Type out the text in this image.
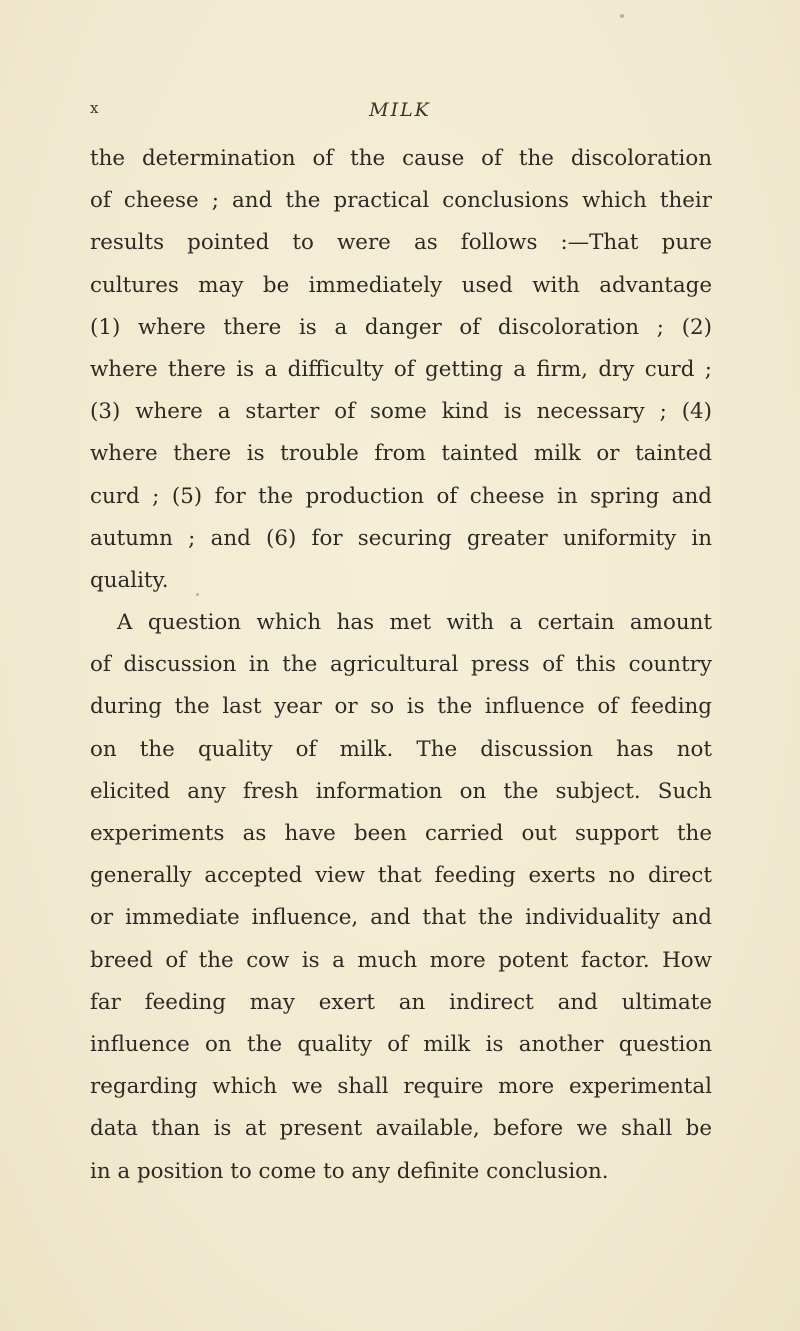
x	MILK
the determination of the cause of the discoloration
of cheese ; and the practical conclusions which their
results pointed to were as follows :—That pure
cultures may be immediately used with advantage
(1) where there is a danger of discoloration ; (2)
where there is a difficulty of getting a firm, dry curd ;
(3) where a starter of some kind is necessary ; (4)
where there is trouble from tainted milk or tainted
curd ; (5) for the production of cheese in spring and
autumn ; and (6) for securing greater uniformity in
quality.
A question which has met with a certain amount
of discussion in the agricultural press of this country
during the last year or so is the influence of feeding
on the quality of milk. The discussion has not
elicited any fresh information on the subject. Such
experiments as have been carried out support the
generally accepted view that feeding exerts no direct
or immediate influence, and that the individuality and
breed of the cow is a much more potent factor. How
far feeding may exert an indirect and ultimate
influence on the quality of milk is another question
regarding which we shall require more experimental
data than is at present available, before we shall be
in a position to come to any definite conclusion.
